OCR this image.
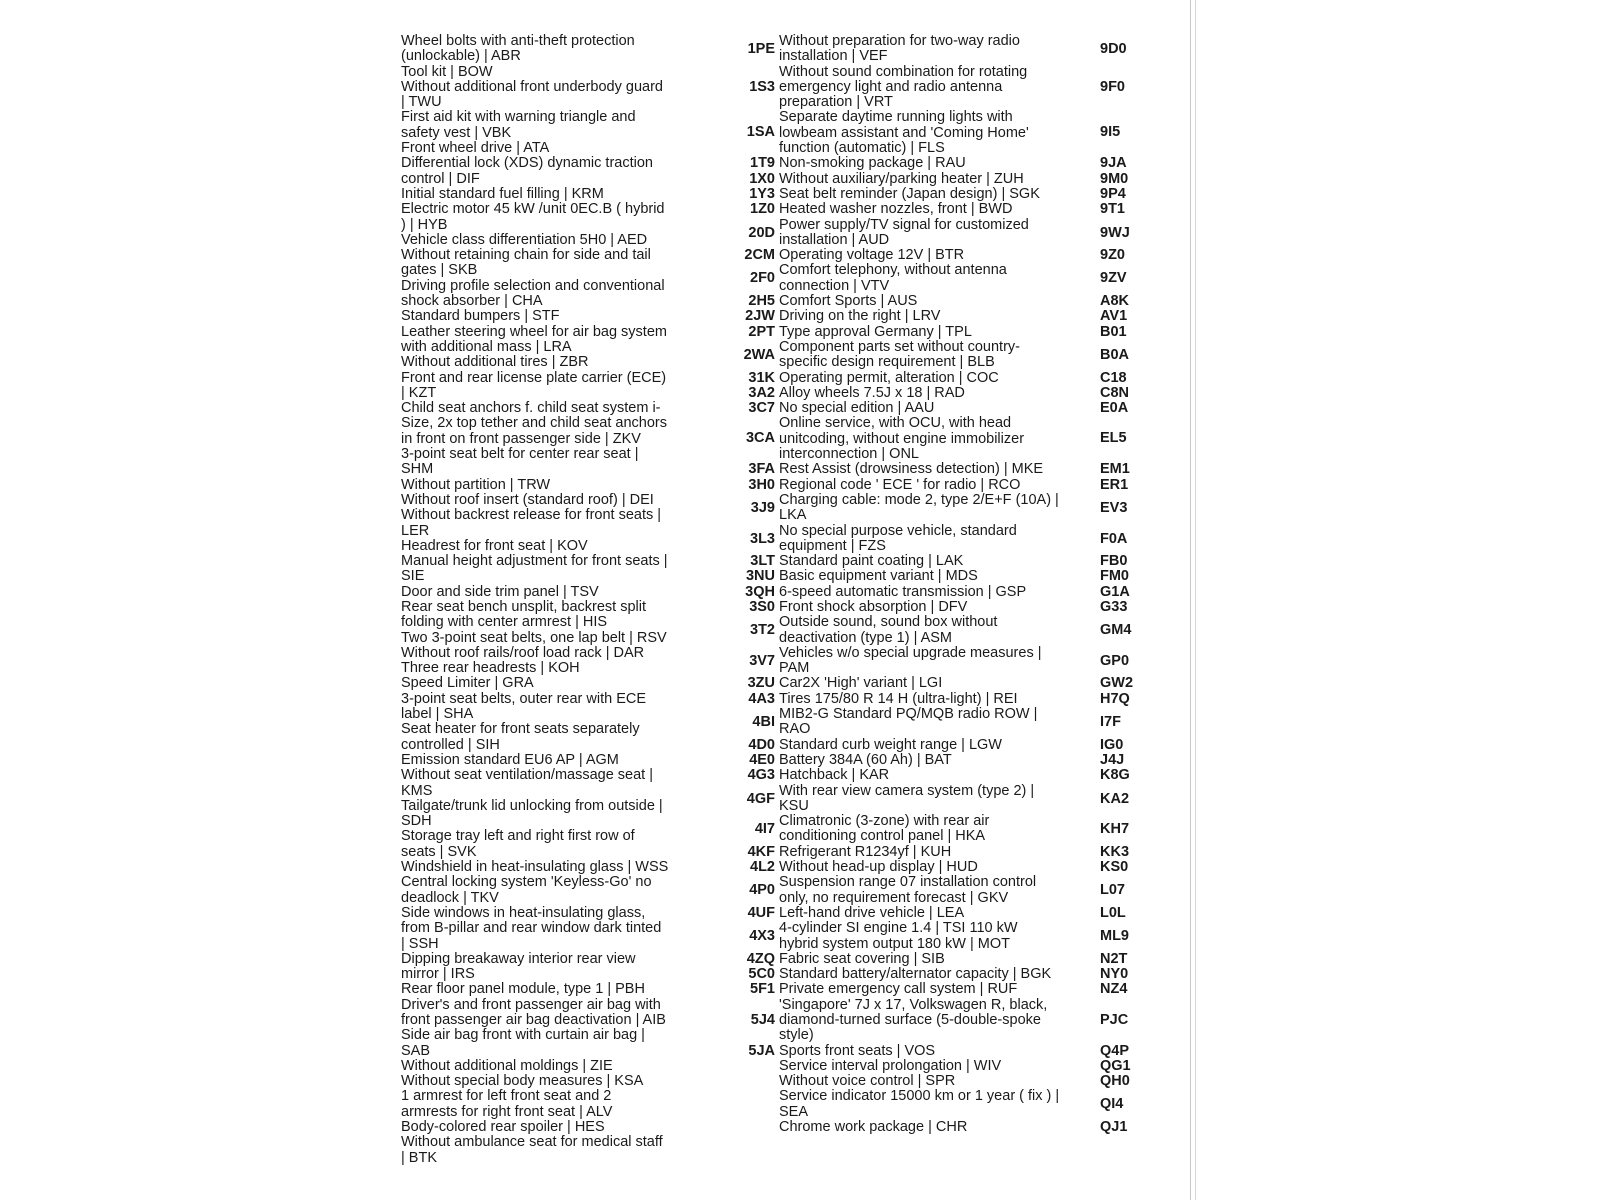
Wheel bolts with anti-theft protection (unlockable) | ABR
Tool kit | BOW
Without additional front underbody guard | TWU
First aid kit with warning triangle and safety vest | VBK
Front wheel drive | ATA
Differential lock (XDS) dynamic traction control | DIF
Initial standard fuel filling | KRM
Electric motor 45 kW /unit 0EC.B ( hybrid ) | HYB
Vehicle class differentiation 5H0 | AED
Without retaining chain for side and tail gates | SKB
Driving profile selection and conventional shock absorber | CHA
Standard bumpers | STF
Leather steering wheel for air bag system with additional mass | LRA
Without additional tires | ZBR
Front and rear license plate carrier (ECE) | KZT
Child seat anchors f. child seat system i-Size, 2x top tether and child seat anchors in front on front passenger side | ZKV
3-point seat belt for center rear seat | SHM
Without partition | TRW
Without roof insert (standard roof) | DEI
Without backrest release for front seats | LER
Headrest for front seat | KOV
Manual height adjustment for front seats | SIE
Door and side trim panel | TSV
Rear seat bench unsplit, backrest split folding with center armrest | HIS
Two 3-point seat belts, one lap belt | RSV
Without roof rails/roof load rack | DAR
Three rear headrests | KOH
Speed Limiter | GRA
3-point seat belts, outer rear with ECE label | SHA
Seat heater for front seats separately controlled | SIH
Emission standard EU6 AP | AGM
Without seat ventilation/massage seat | KMS
Tailgate/trunk lid unlocking from outside | SDH
Storage tray left and right first row of seats | SVK
Windshield in heat-insulating glass | WSS
Central locking system 'Keyless-Go' no deadlock | TKV
Side windows in heat-insulating glass, from B-pillar and rear window dark tinted | SSH
Dipping breakaway interior rear view mirror | IRS
Rear floor panel module, type 1 | PBH
Driver's and front passenger air bag with front passenger air bag deactivation | AIB
Side air bag front with curtain air bag | SAB
Without additional moldings | ZIE
Without special body measures | KSA
1 armrest for left front seat and 2 armrests for right front seat | ALV
Body-colored rear spoiler | HES
Without ambulance seat for medical staff | BTK
1PE
1S3
1SA
1T9
1X0
1Y3
1Z0
20D
2CM
2F0
2H5
2JW
2PT
2WA
31K
3A2
3C7
3CA
3FA
3H0
3J9
3L3
3LT
3NU
3QH
3S0
3T2
3V7
3ZU
4A3
4BI
4D0
4E0
4G3
4GF
4I7
4KF
4L2
4P0
4UF
4X3
4ZQ
5C0
5F1
5J4
5JA
Without preparation for two-way radio installation | VEF
Without sound combination for rotating emergency light and radio antenna preparation | VRT
Separate daytime running lights with lowbeam assistant and 'Coming Home' function (automatic) | FLS
Non-smoking package | RAU
Without auxiliary/parking heater | ZUH
Seat belt reminder (Japan design) | SGK
Heated washer nozzles, front | BWD
Power supply/TV signal for customized installation | AUD
Operating voltage 12V | BTR
Comfort telephony, without antenna connection | VTV
Comfort Sports | AUS
Driving on the right | LRV
Type approval Germany | TPL
Component parts set without country-specific design requirement | BLB
Operating permit, alteration | COC
Alloy wheels 7.5J x 18 | RAD
No special edition | AAU
Online service, with OCU, with head unitcoding, without engine immobilizer interconnection | ONL
Rest Assist (drowsiness detection) | MKE
Regional code ' ECE ' for radio | RCO
Charging cable: mode 2, type 2/E+F (10A) | LKA
No special purpose vehicle, standard equipment | FZS
Standard paint coating | LAK
Basic equipment variant | MDS
6-speed automatic transmission | GSP
Front shock absorption | DFV
Outside sound, sound box without deactivation (type 1) | ASM
Vehicles w/o special upgrade measures | PAM
Car2X 'High' variant | LGI
Tires 175/80 R 14 H (ultra-light) | REI
MIB2-G Standard PQ/MQB radio ROW | RAO
Standard curb weight range | LGW
Battery 384A (60 Ah) | BAT
Hatchback | KAR
With rear view camera system (type 2) | KSU
Climatronic (3-zone) with rear air conditioning control panel | HKA
Refrigerant R1234yf | KUH
Without head-up display | HUD
Suspension range 07 installation control only, no requirement forecast | GKV
Left-hand drive vehicle | LEA
4-cylinder SI engine 1.4 | TSI 110 kW hybrid system output 180 kW | MOT
Fabric seat covering | SIB
Standard battery/alternator capacity | BGK
Private emergency call system | RUF
'Singapore' 7J x 17, Volkswagen R, black, diamond-turned surface (5-double-spoke style)
Sports front seats | VOS
Service interval prolongation | WIV
Without voice control | SPR
Service indicator 15000 km or 1 year ( fix ) | SEA
Chrome work package | CHR
9D0
9F0
9I5
9JA
9M0
9P4
9T1
9WJ
9Z0
9ZV
A8K
AV1
B01
B0A
C18
C8N
E0A
EL5
EM1
ER1
EV3
F0A
FB0
FM0
G1A
G33
GM4
GP0
GW2
H7Q
I7F
IG0
J4J
K8G
KA2
KH7
KK3
KS0
L07
L0L
ML9
N2T
NY0
NZ4
PJC
Q4P
QG1
QH0
QI4
QJ1
